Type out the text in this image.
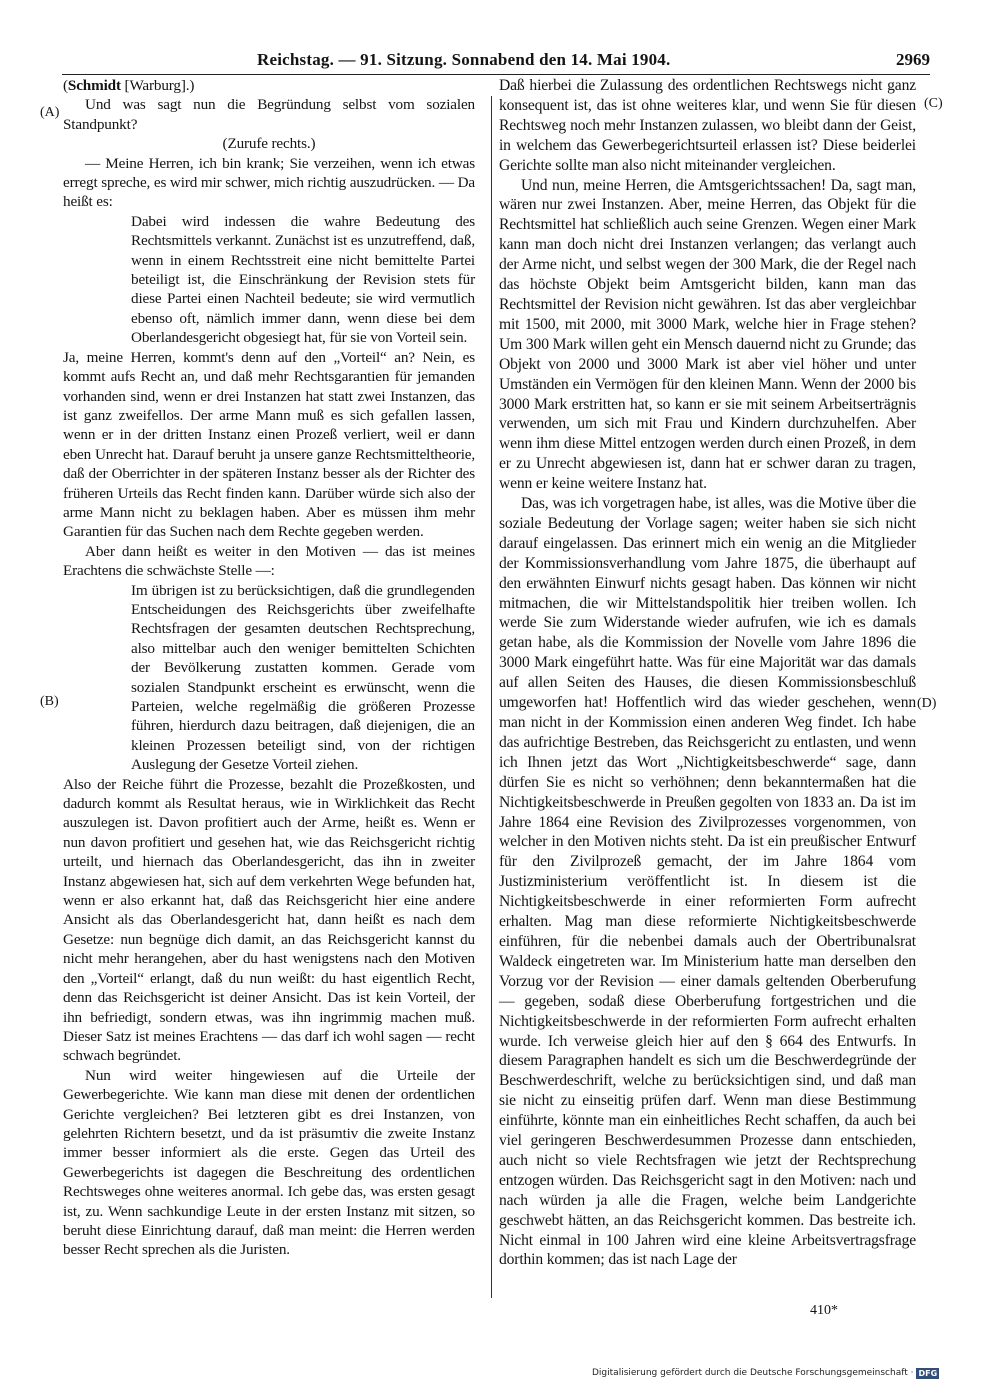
Reichstag. — 91. Sitzung. Sonnabend den 14. Mai 1904.	2969
(A)
(B)
(C)
(D)

(Schmidt [Warburg].)

Und was sagt nun die Begründung selbst vom sozialen Standpunkt?

(Zurufe rechts.)

— Meine Herren, ich bin krank; Sie verzeihen, wenn ich etwas erregt spreche, es wird mir schwer, mich richtig auszudrücken. — Da heißt es:

Dabei wird indessen die wahre Bedeutung des Rechtsmittels verkannt. Zunächst ist es unzutreffend, daß, wenn in einem Rechtsstreit eine nicht bemittelte Partei beteiligt ist, die Einschränkung der Revision stets für diese Partei einen Nachteil bedeute; sie wird vermutlich ebenso oft, nämlich immer dann, wenn diese bei dem Oberlandesgericht obgesiegt hat, für sie von Vorteil sein.

Ja, meine Herren, kommt's denn auf den „Vorteil“ an? Nein, es kommt aufs Recht an, und daß mehr Rechtsgarantien für jemanden vorhanden sind, wenn er drei Instanzen hat statt zwei Instanzen, das ist ganz zweifellos. Der arme Mann muß es sich gefallen lassen, wenn er in der dritten Instanz einen Prozeß verliert, weil er dann eben Unrecht hat. Darauf beruht ja unsere ganze Rechtsmitteltheorie, daß der Oberrichter in der späteren Instanz besser als der Richter des früheren Urteils das Recht finden kann. Darüber würde sich also der arme Mann nicht zu beklagen haben. Aber es müssen ihm mehr Garantien für das Suchen nach dem Rechte gegeben werden.

Aber dann heißt es weiter in den Motiven — das ist meines Erachtens die schwächste Stelle —:

Im übrigen ist zu berücksichtigen, daß die grundlegenden Entscheidungen des Reichsgerichts über zweifelhafte Rechtsfragen der gesamten deutschen Rechtsprechung, also mittelbar auch den weniger bemittelten Schichten der Bevölkerung zustatten kommen. Gerade vom sozialen Standpunkt erscheint es erwünscht, wenn die Parteien, welche regelmäßig die größeren Prozesse führen, hierdurch dazu beitragen, daß diejenigen, die an kleinen Prozessen beteiligt sind, von der richtigen Auslegung der Gesetze Vorteil ziehen.

Also der Reiche führt die Prozesse, bezahlt die Prozeßkosten, und dadurch kommt als Resultat heraus, wie in Wirklichkeit das Recht auszulegen ist. Davon profitiert auch der Arme, heißt es. Wenn er nun davon profitiert und gesehen hat, wie das Reichsgericht richtig urteilt, und hiernach das Oberlandesgericht, das ihn in zweiter Instanz abgewiesen hat, sich auf dem verkehrten Wege befunden hat, wenn er also erkannt hat, daß das Reichsgericht hier eine andere Ansicht als das Oberlandesgericht hat, dann heißt es nach dem Gesetze: nun begnüge dich damit, an das Reichsgericht kannst du nicht mehr herangehen, aber du hast wenigstens nach den Motiven den „Vorteil“ erlangt, daß du nun weißt: du hast eigentlich Recht, denn das Reichsgericht ist deiner Ansicht. Das ist kein Vorteil, der ihn befriedigt, sondern etwas, was ihn ingrimmig machen muß. Dieser Satz ist meines Erachtens — das darf ich wohl sagen — recht schwach begründet.

Nun wird weiter hingewiesen auf die Urteile der Gewerbegerichte. Wie kann man diese mit denen der ordentlichen Gerichte vergleichen? Bei letzteren gibt es drei Instanzen, von gelehrten Richtern besetzt, und da ist präsumtiv die zweite Instanz immer besser informiert als die erste. Gegen das Urteil des Gewerbegerichts ist dagegen die Beschreitung des ordentlichen Rechtsweges ohne weiteres anormal. Ich gebe das, was ersten gesagt ist, zu. Wenn sachkundige Leute in der ersten Instanz mit sitzen, so beruht diese Einrichtung darauf, daß man meint: die Herren werden besser Recht sprechen als die Juristen.

Daß hierbei die Zulassung des ordentlichen Rechtswegs nicht ganz konsequent ist, das ist ohne weiteres klar, und wenn Sie für diesen Rechtsweg noch mehr Instanzen zulassen, wo bleibt dann der Geist, in welchem das Gewerbegerichtsurteil erlassen ist? Diese beiderlei Gerichte sollte man also nicht miteinander vergleichen.

Und nun, meine Herren, die Amtsgerichtssachen! Da, sagt man, wären nur zwei Instanzen. Aber, meine Herren, das Objekt für die Rechtsmittel hat schließlich auch seine Grenzen. Wegen einer Mark kann man doch nicht drei Instanzen verlangen; das verlangt auch der Arme nicht, und selbst wegen der 300 Mark, die der Regel nach das höchste Objekt beim Amtsgericht bilden, kann man das Rechtsmittel der Revision nicht gewähren. Ist das aber vergleichbar mit 1500, mit 2000, mit 3000 Mark, welche hier in Frage stehen? Um 300 Mark willen geht ein Mensch dauernd nicht zu Grunde; das Objekt von 2000 und 3000 Mark ist aber viel höher und unter Umständen ein Vermögen für den kleinen Mann. Wenn der 2000 bis 3000 Mark erstritten hat, so kann er sie mit seinem Arbeitserträgnis verwenden, um sich mit Frau und Kindern durchzuhelfen. Aber wenn ihm diese Mittel entzogen werden durch einen Prozeß, in dem er zu Unrecht abgewiesen ist, dann hat er schwer daran zu tragen, wenn er keine weitere Instanz hat.

Das, was ich vorgetragen habe, ist alles, was die Motive über die soziale Bedeutung der Vorlage sagen; weiter haben sie sich nicht darauf eingelassen. Das erinnert mich ein wenig an die Mitglieder der Kommissionsverhandlung vom Jahre 1875, die überhaupt auf den erwähnten Einwurf nichts gesagt haben. Das können wir nicht mitmachen, die wir Mittelstandspolitik hier treiben wollen. Ich werde Sie zum Widerstande wieder aufrufen, wie ich es damals getan habe, als die Kommission der Novelle vom Jahre 1896 die 3000 Mark eingeführt hatte. Was für eine Majorität war das damals auf allen Seiten des Hauses, die diesen Kommissionsbeschluß umgeworfen hat! Hoffentlich wird das wieder geschehen, wenn man nicht in der Kommission einen anderen Weg findet. Ich habe das aufrichtige Bestreben, das Reichsgericht zu entlasten, und wenn ich Ihnen jetzt das Wort „Nichtigkeitsbeschwerde“ sage, dann dürfen Sie es nicht so verhöhnen; denn bekanntermaßen hat die Nichtigkeitsbeschwerde in Preußen gegolten von 1833 an. Da ist im Jahre 1864 eine Revision des Zivilprozesses vorgenommen, von welcher in den Motiven nichts steht. Da ist ein preußischer Entwurf für den Zivilprozeß gemacht, der im Jahre 1864 vom Justizministerium veröffentlicht ist. In diesem ist die Nichtigkeitsbeschwerde in einer reformierten Form aufrecht erhalten. Mag man diese reformierte Nichtigkeitsbeschwerde einführen, für die nebenbei damals auch der Obertribunalsrat Waldeck eingetreten war. Im Ministerium hatte man derselben den Vorzug vor der Revision — einer damals geltenden Oberberufung — gegeben, sodaß diese Oberberufung fortgestrichen und die Nichtigkeitsbeschwerde in der reformierten Form aufrecht erhalten wurde. Ich verweise gleich hier auf den § 664 des Entwurfs. In diesem Paragraphen handelt es sich um die Beschwerdegründe der Beschwerdeschrift, welche zu berücksichtigen sind, und daß man sie nicht zu einseitig prüfen darf. Wenn man diese Bestimmung einführte, könnte man ein einheitliches Recht schaffen, da auch bei viel geringeren Beschwerdesummen Prozesse dann entschieden, auch nicht so viele Rechtsfragen wie jetzt der Rechtsprechung entzogen würden. Das Reichsgericht sagt in den Motiven: nach und nach würden ja alle die Fragen, welche beim Landgerichte geschwebt hätten, an das Reichsgericht kommen. Das bestreite ich. Nicht einmal in 100 Jahren wird eine kleine Arbeitsvertragsfrage dorthin kommen; das ist nach Lage der

410*
Digitalisierung gefördert durch die Deutsche Forschungsgemeinschaft · DFG
